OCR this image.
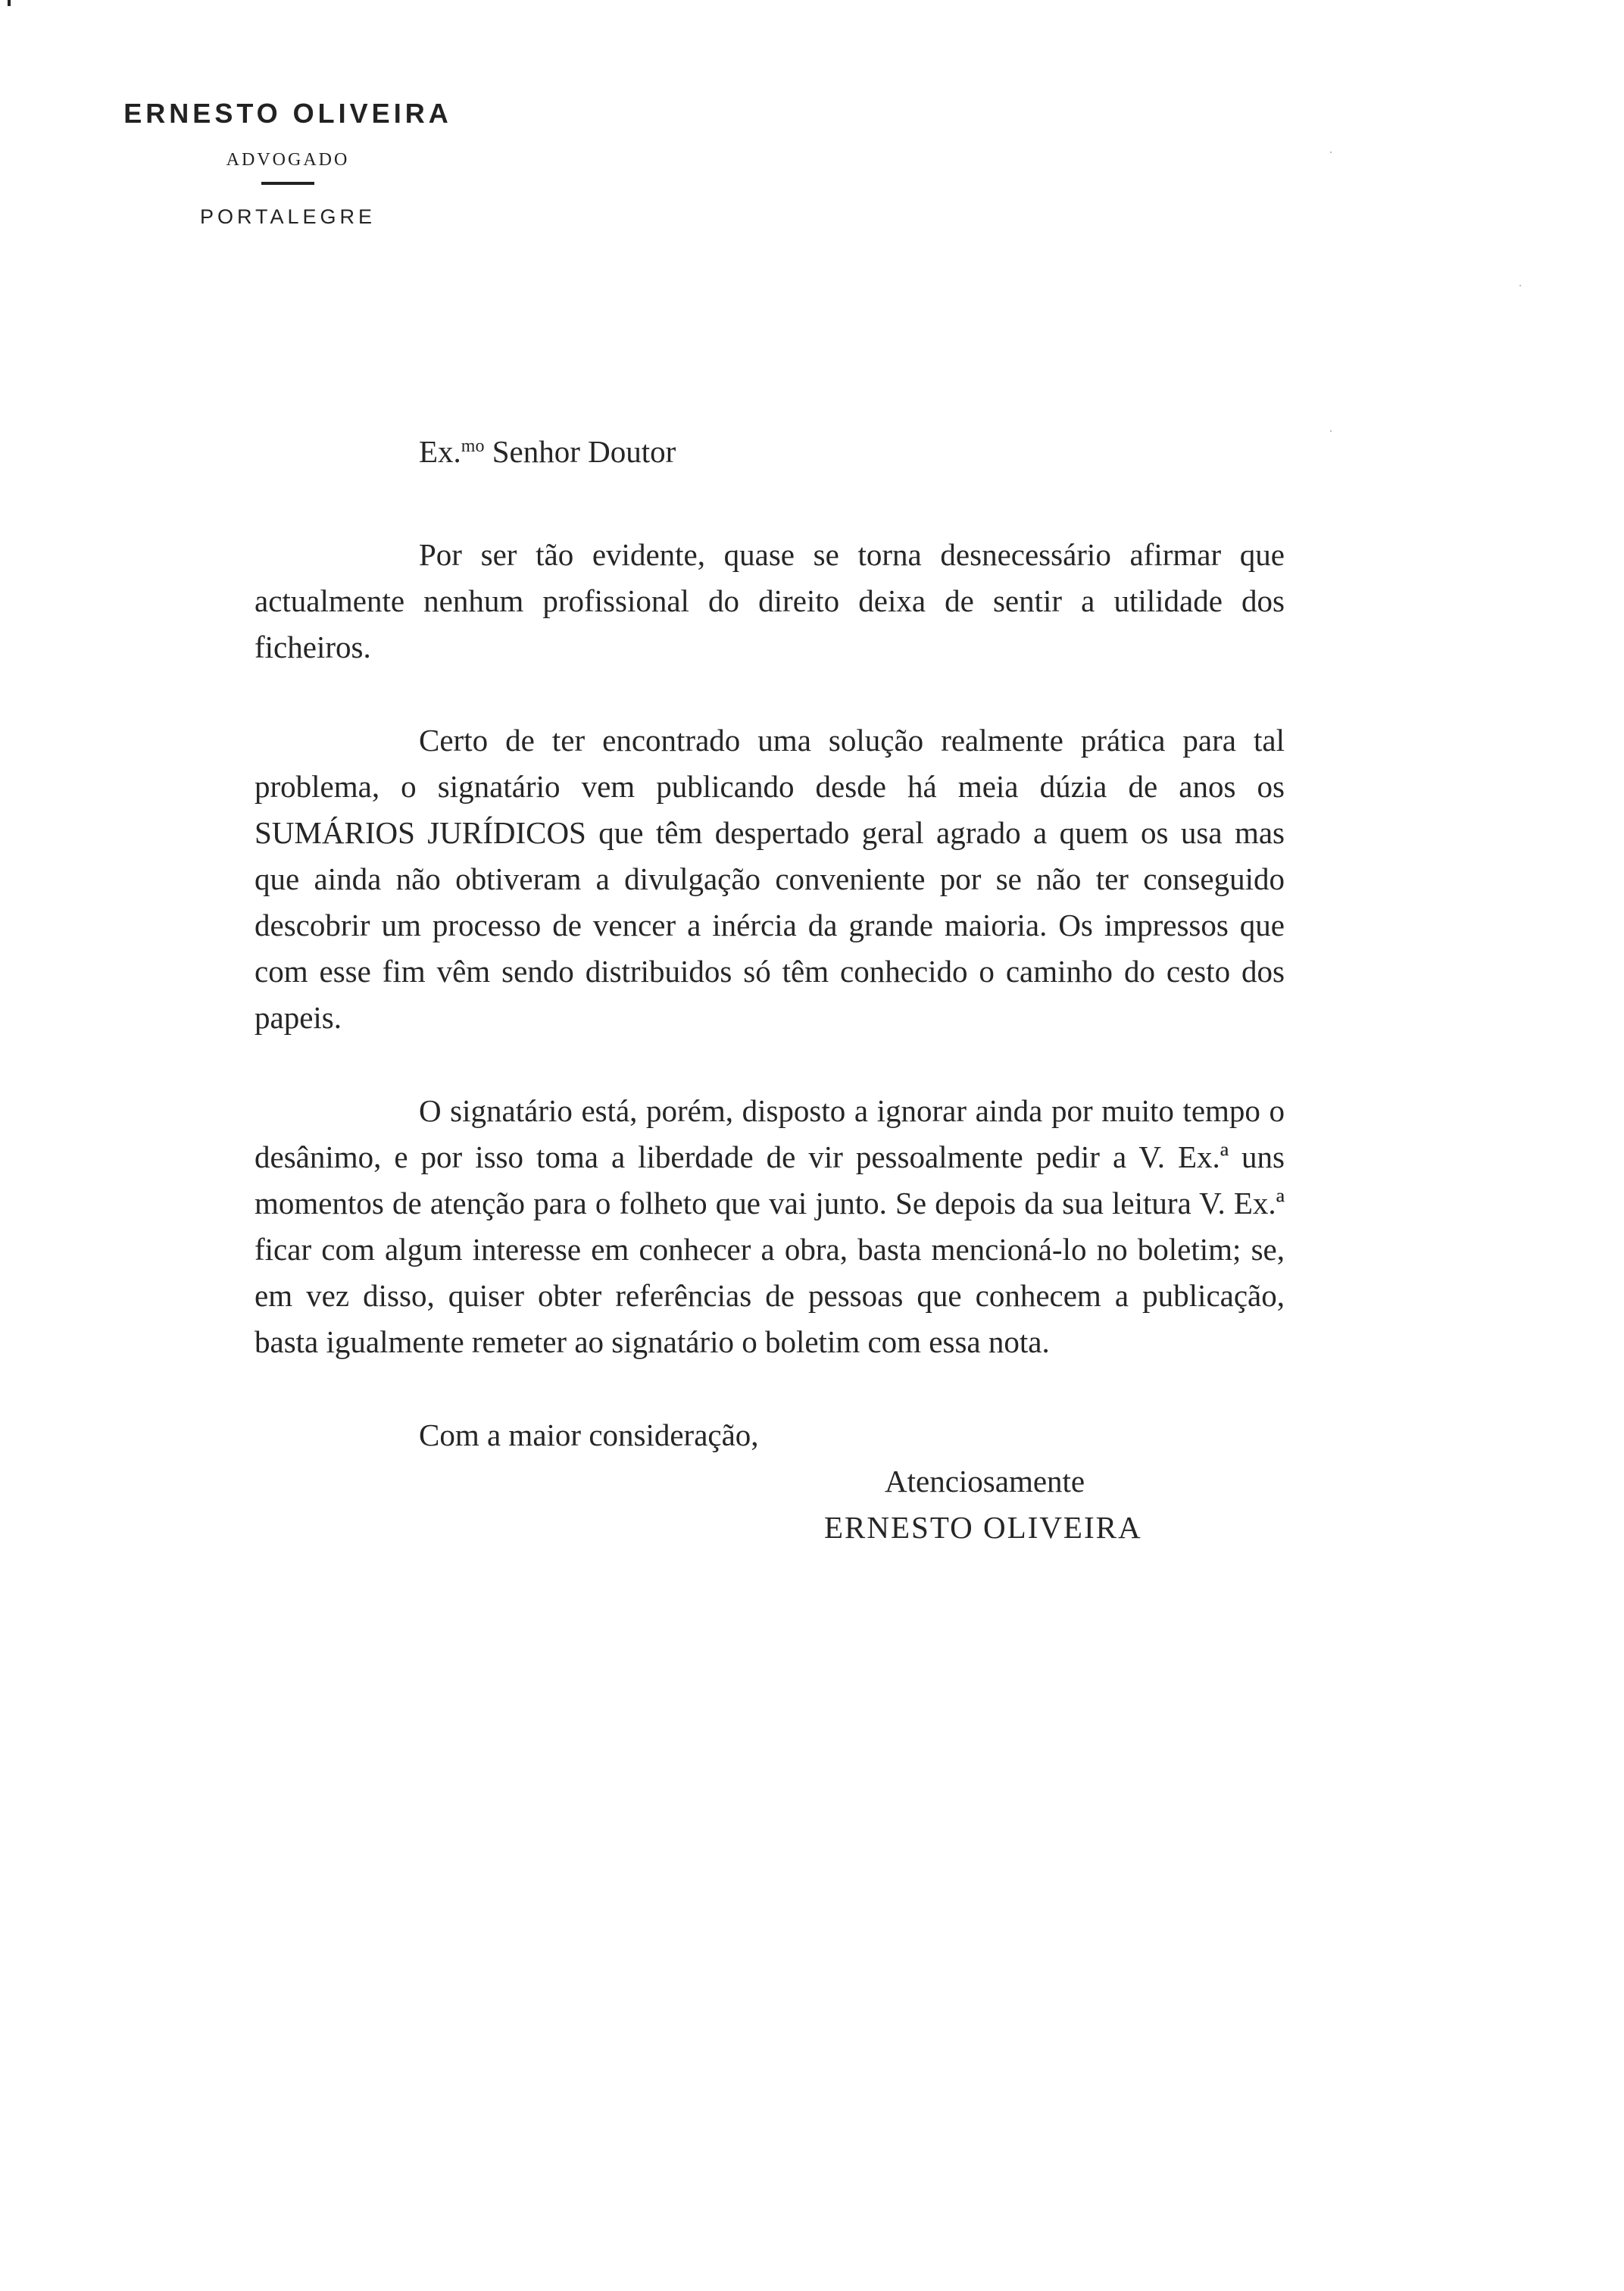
ERNESTO OLIVEIRA
ADVOGADO
PORTALEGRE

Ex.$^{mo}$ Senhor Doutor

Por ser tão evidente, quase se torna desnecessário afirmar que actualmente nenhum profissional do direito deixa de sentir a utilidade dos ficheiros.

Certo de ter encontrado uma solução realmente prática para tal problema, o signatário vem publicando desde há meia dúzia de anos os SUMÁRIOS JURÍDICOS que têm despertado geral agrado a quem os usa mas que ainda não obtiveram a divulgação conveniente por se não ter conseguido descobrir um processo de vencer a inércia da grande maioria. Os impressos que com esse fim vêm sendo distribuidos só têm conhecido o caminho do cesto dos papeis.

O signatário está, porém, disposto a ignorar ainda por muito tempo o desânimo, e por isso toma a liberdade de vir pessoalmente pedir a V. Ex.ª uns momentos de atenção para o folheto que vai junto. Se depois da sua leitura V. Ex.ª ficar com algum interesse em conhecer a obra, basta mencioná-lo no boletim; se, em vez disso, quiser obter referências de pessoas que conhecem a publicação, basta igualmente remeter ao signatário o boletim com essa nota.

Com a maior consideração,

Atenciosamente

ERNESTO OLIVEIRA
